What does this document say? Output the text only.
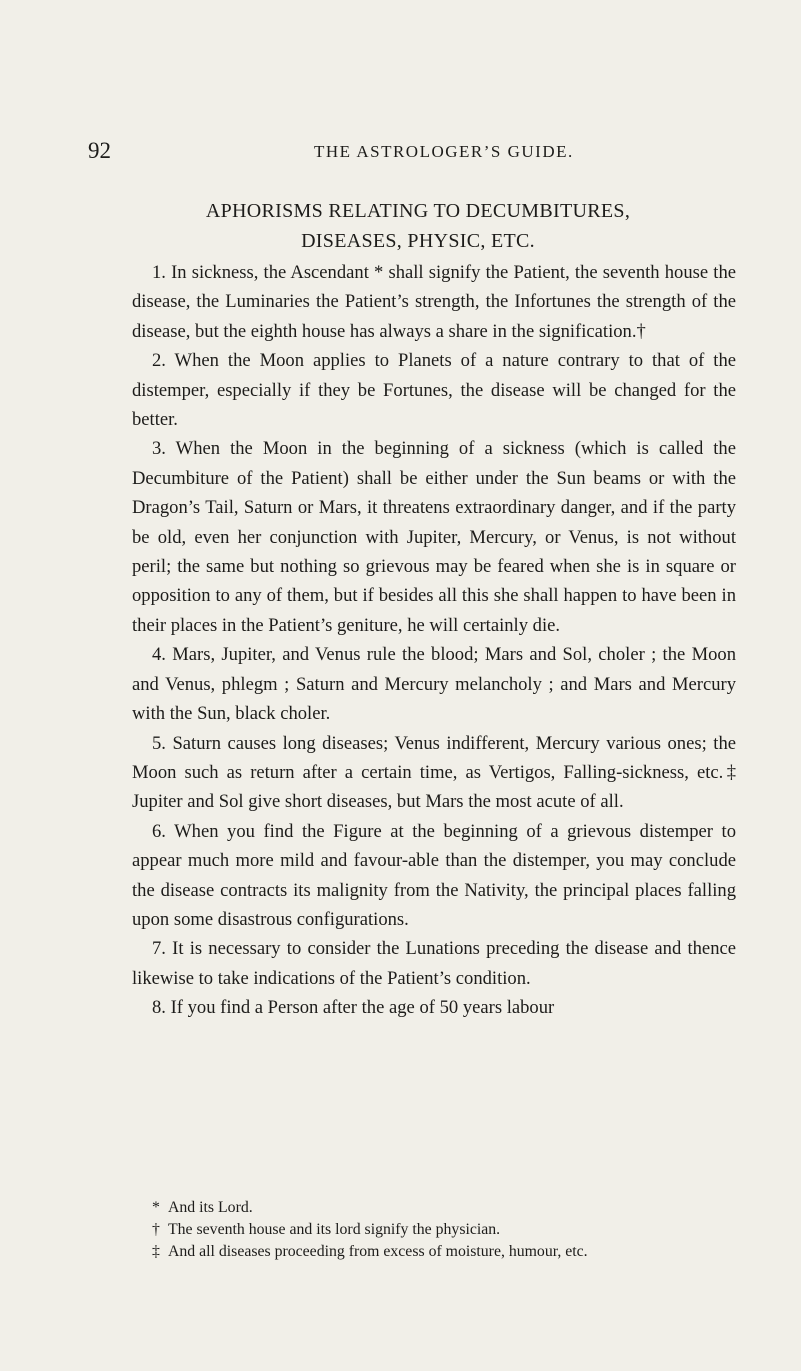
92	THE ASTROLOGER’S GUIDE.
APHORISMS RELATING TO DECUMBITURES,
DISEASES, PHYSIC, ETC.

1. In sickness, the Ascendant * shall signify the Patient, the seventh house the disease, the Luminaries the Patient’s strength, the Infortunes the strength of the disease, but the eighth house has always a share in the signification.†

2. When the Moon applies to Planets of a nature contrary to that of the distemper, especially if they be Fortunes, the disease will be changed for the better.

3. When the Moon in the beginning of a sickness (which is called the Decumbiture of the Patient) shall be either under the Sun beams or with the Dragon’s Tail, Saturn or Mars, it threatens extraordinary danger, and if the party be old, even her conjunction with Jupiter, Mercury, or Venus, is not without peril; the same but nothing so grievous may be feared when she is in square or opposition to any of them, but if besides all this she shall happen to have been in their places in the Patient’s geniture, he will certainly die.

4. Mars, Jupiter, and Venus rule the blood; Mars and Sol, choler ; the Moon and Venus, phlegm ; Saturn and Mercury melancholy ; and Mars and Mercury with the Sun, black choler.

5. Saturn causes long diseases; Venus indifferent, Mercury various ones; the Moon such as return after a certain time, as Vertigos, Falling-sickness, etc.‡ Jupiter and Sol give short diseases, but Mars the most acute of all.

6. When you find the Figure at the beginning of a grievous distemper to appear much more mild and favour-able than the distemper, you may conclude the disease contracts its malignity from the Nativity, the principal places falling upon some disastrous configurations.

7. It is necessary to consider the Lunations preceding the disease and thence likewise to take indications of the Patient’s condition.

8. If you find a Person after the age of 50 years labour

* And its Lord.

† The seventh house and its lord signify the physician.

‡ And all diseases proceeding from excess of moisture, humour, etc.
